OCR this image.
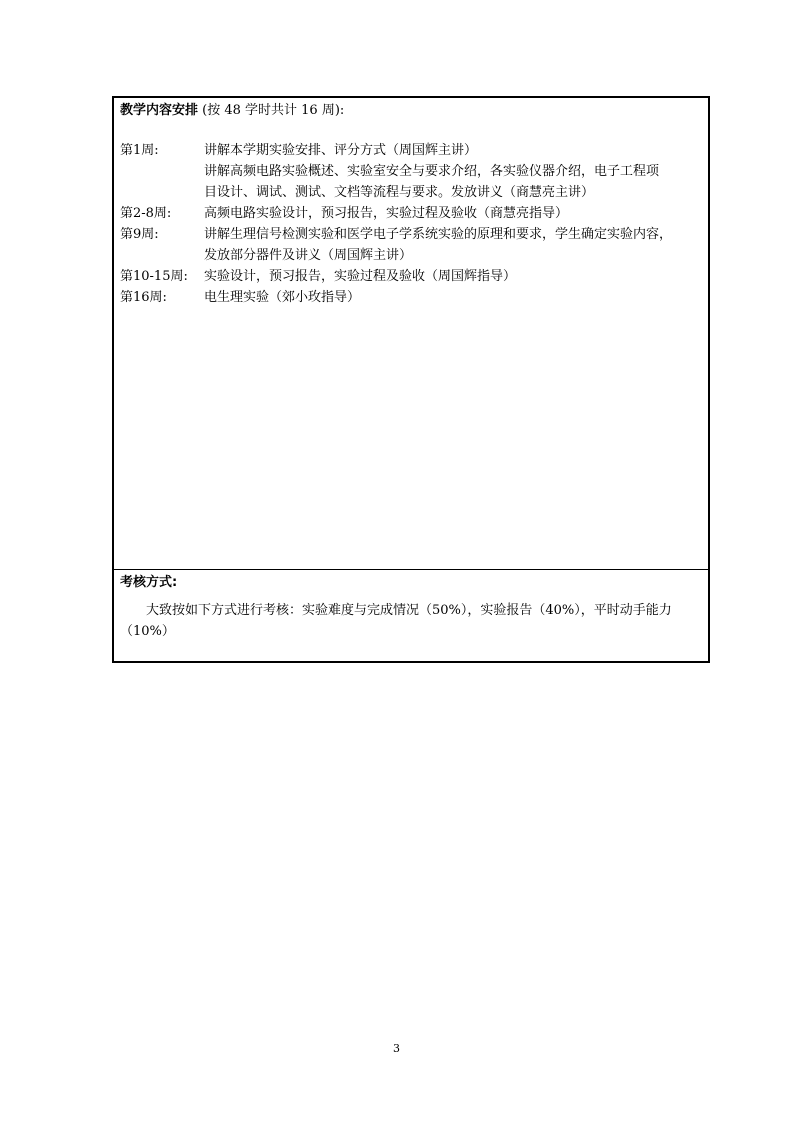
教学内容安排 (按 48 学时共计 16 周):
第1周:	讲解本学期实验安排、评分方式（周国辉主讲）
讲解高频电路实验概述、实验室安全与要求介绍，各实验仪器介绍，电子工程项
目设计、调试、测试、文档等流程与要求。发放讲义（商慧亮主讲）
第2-8周:	高频电路实验设计，预习报告，实验过程及验收（商慧亮指导）
第9周:	讲解生理信号检测实验和医学电子学系统实验的原理和要求，学生确定实验内容，
发放部分器件及讲义（周国辉主讲）
第10-15周:	实验设计，预习报告，实验过程及验收（周国辉指导）
第16周:	电生理实验（郊小玫指导）
考核方式:
　　大致按如下方式进行考核：实验难度与完成情况（50%），实验报告（40%），平时动手能力
（10%）
3
